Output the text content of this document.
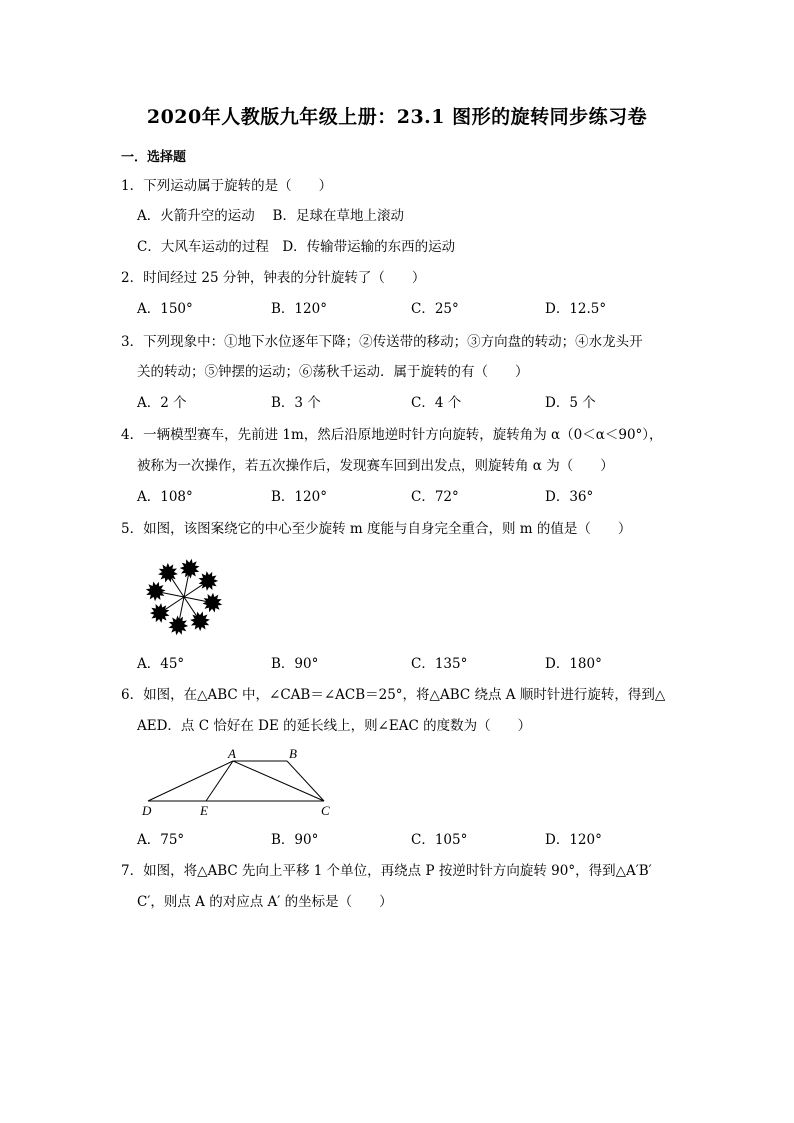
2020年人教版九年级上册：23.1 图形的旋转同步练习卷
一．选择题
1．下列运动属于旋转的是（　　）
A．火箭升空的运动　 B．足球在草地上滚动
C．大风车运动的过程　D．传输带运输的东西的运动
2．时间经过 25 分钟，钟表的分针旋转了（　　）
A．150°	B．120°	C．25°	D．12.5°
3．下列现象中：①地下水位逐年下降；②传送带的移动；③方向盘的转动；④水龙头开
关的转动；⑤钟摆的运动；⑥荡秋千运动．属于旋转的有（　　）
A．2 个	B．3 个	C．4 个	D．5 个
4．一辆模型赛车，先前进 1m，然后沿原地逆时针方向旋转，旋转角为 α（0＜α＜90°），
被称为一次操作，若五次操作后，发现赛车回到出发点，则旋转角 α 为（　　）
A．108°	B．120°	C．72°	D．36°
5．如图，该图案绕它的中心至少旋转 m 度能与自身完全重合，则 m 的值是（　　）
A．45°	B．90°	C．135°	D．180°
6．如图，在△ABC 中，∠CAB＝∠ACB＝25°，将△ABC 绕点 A 顺时针进行旋转，得到△
AED．点 C 恰好在 DE 的延长线上，则∠EAC 的度数为（　　）
A	B
D	E	C
A．75°	B．90°	C．105°	D．120°
7．如图，将△ABC 先向上平移 1 个单位，再绕点 P 按逆时针方向旋转 90°，得到△A′B′
C′，则点 A 的对应点 A′ 的坐标是（　　）
